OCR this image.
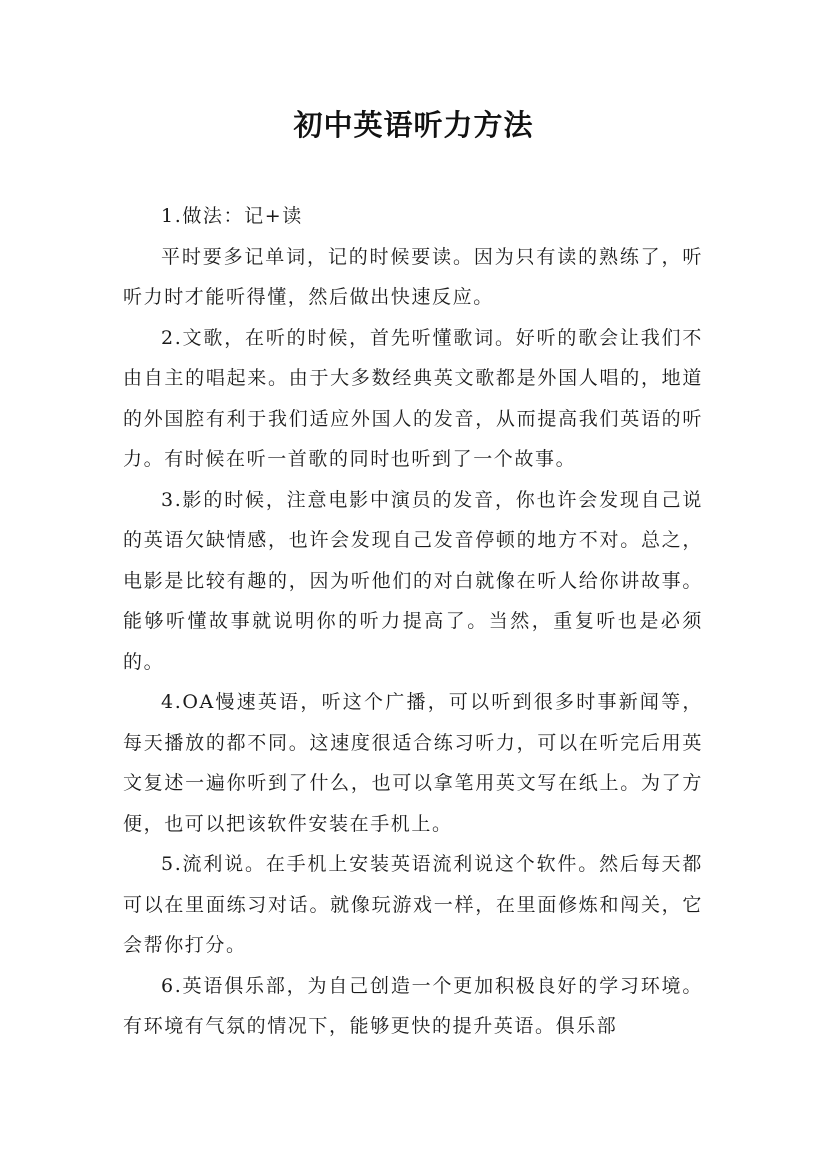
初中英语听力方法

1.做法：记+读

平时要多记单词，记的时候要读。因为只有读的熟练了，听听力时才能听得懂，然后做出快速反应。

2.文歌，在听的时候，首先听懂歌词。好听的歌会让我们不由自主的唱起来。由于大多数经典英文歌都是外国人唱的，地道的外国腔有利于我们适应外国人的发音，从而提高我们英语的听力。有时候在听一首歌的同时也听到了一个故事。

3.影的时候，注意电影中演员的发音，你也许会发现自己说的英语欠缺情感，也许会发现自己发音停顿的地方不对。总之，电影是比较有趣的，因为听他们的对白就像在听人给你讲故事。能够听懂故事就说明你的听力提高了。当然，重复听也是必须的。

4.OA慢速英语，听这个广播，可以听到很多时事新闻等，每天播放的都不同。这速度很适合练习听力，可以在听完后用英文复述一遍你听到了什么，也可以拿笔用英文写在纸上。为了方便，也可以把该软件安装在手机上。

5.流利说。在手机上安装英语流利说这个软件。然后每天都可以在里面练习对话。就像玩游戏一样，在里面修炼和闯关，它会帮你打分。

6.英语俱乐部，为自己创造一个更加积极良好的学习环境。有环境有气氛的情况下，能够更快的提升英语。俱乐部
